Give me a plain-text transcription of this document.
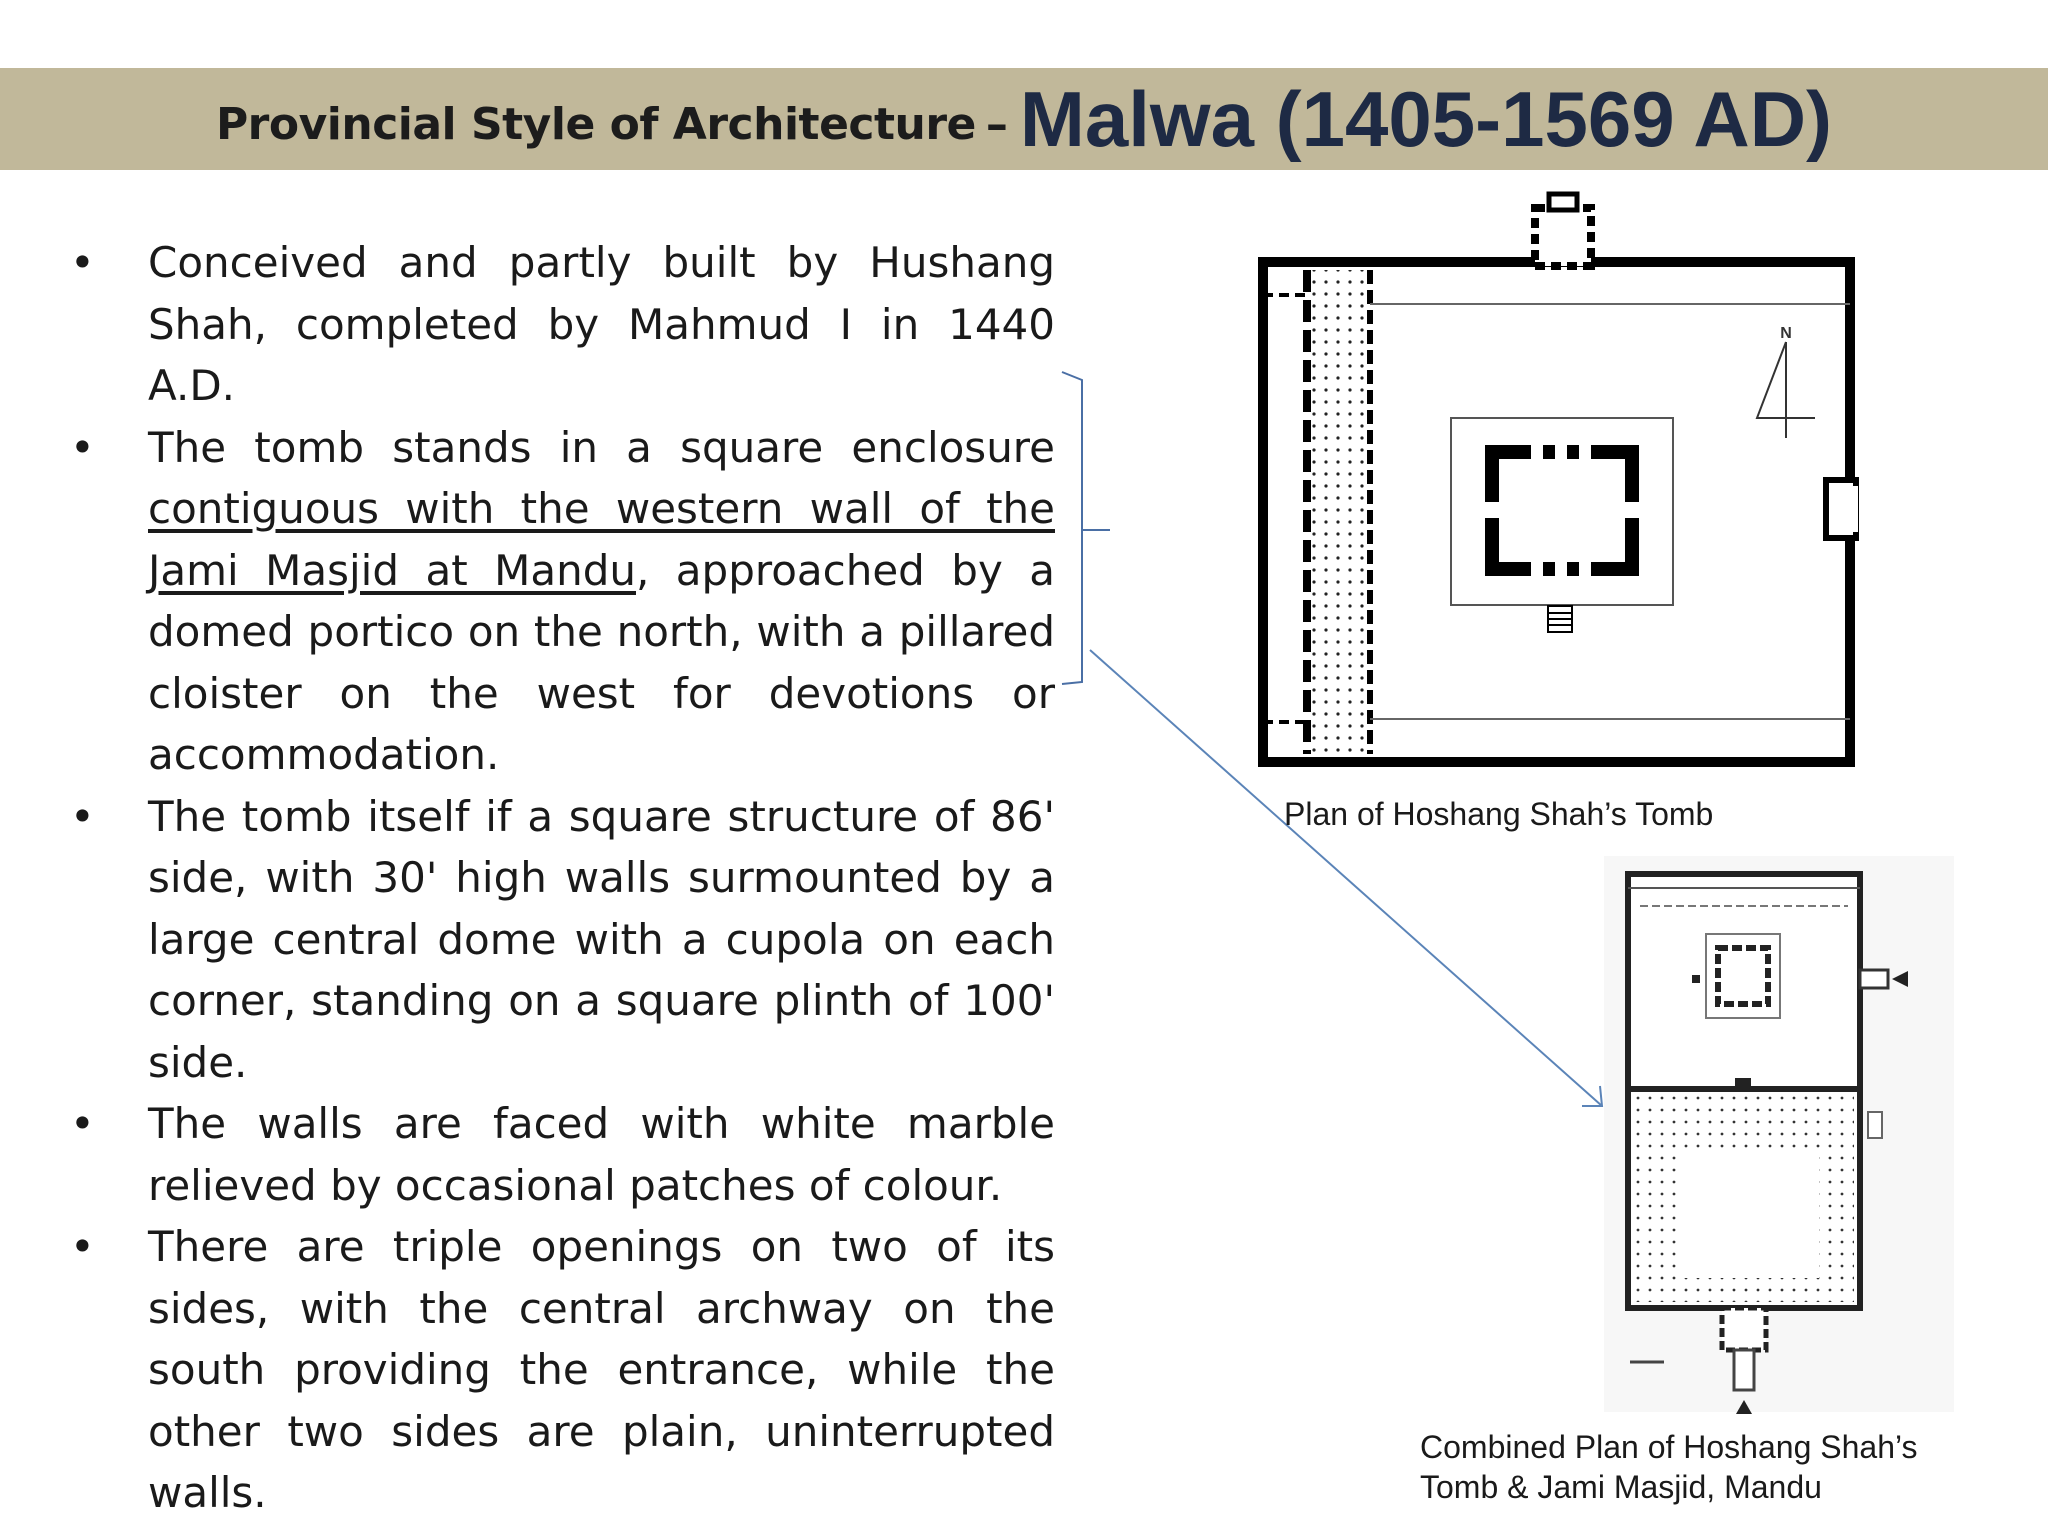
Provincial Style of Architecture – Malwa (1405-1569 AD)
• Conceived and partly built by Hushang Shah, completed by Mahmud I in 1440 A.D.
• The tomb stands in a square enclosure contiguous with the western wall of the Jami Masjid at Mandu, approached by a domed portico on the north, with a pillared cloister on the west for devotions or accommodation.
• The tomb itself if a square structure of 86' side, with 30' high walls surmounted by a large central dome with a cupola on each corner, standing on a square plinth of 100' side.
• The walls are faced with white marble relieved by occasional patches of colour.
• There are triple openings on two of its sides, with the central archway on the south providing the entrance, while the other two sides are plain, uninterrupted walls.
N
Plan of Hoshang Shah’s Tomb
Combined Plan of Hoshang Shah’s
Tomb & Jami Masjid, Mandu
